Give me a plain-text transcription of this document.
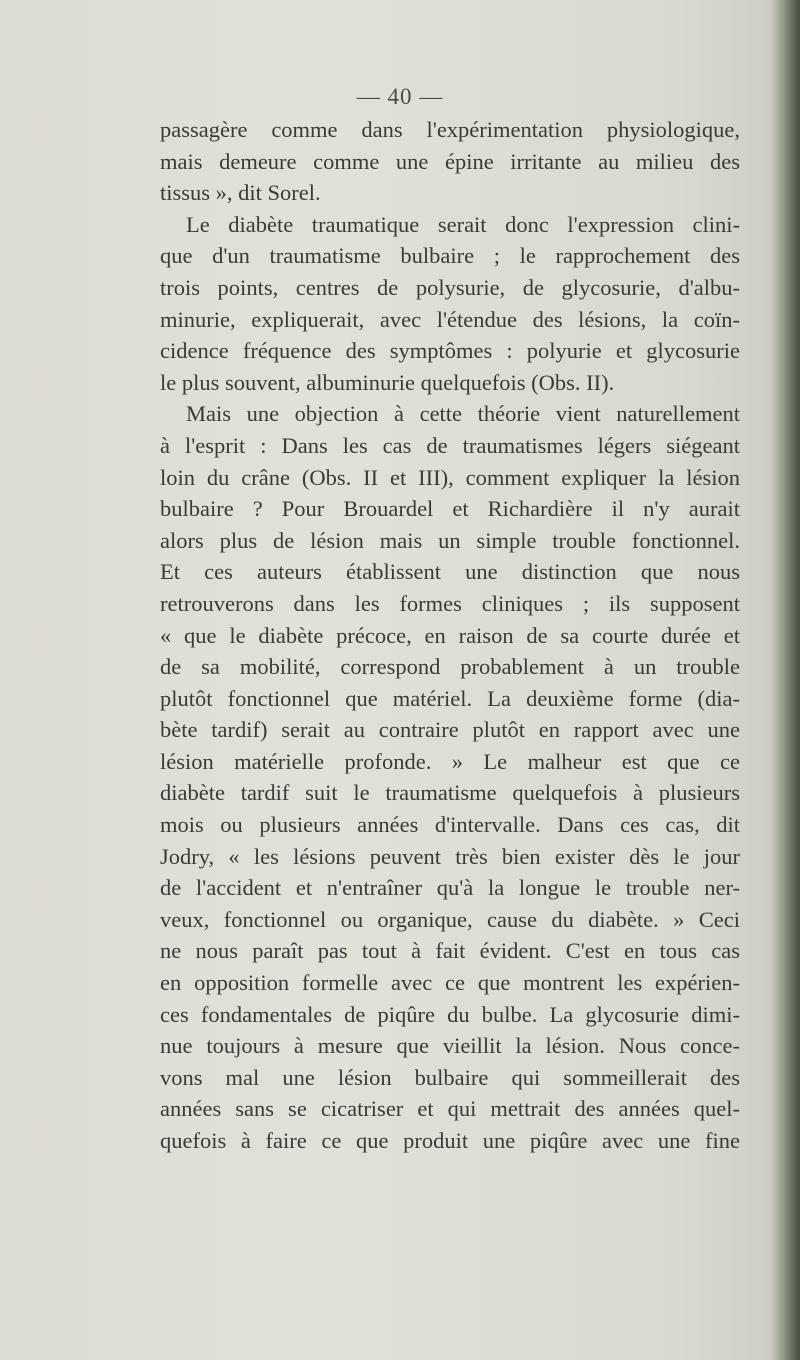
— 40 —
passagère comme dans l'expérimentation physiologique,
mais demeure comme une épine irritante au milieu des
tissus », dit Sorel.
Le diabète traumatique serait donc l'expression clini-
que d'un traumatisme bulbaire ; le rapprochement des
trois points, centres de polysurie, de glycosurie, d'albu-
minurie, expliquerait, avec l'étendue des lésions, la coïn-
cidence fréquence des symptômes : polyurie et glycosurie
le plus souvent, albuminurie quelquefois (Obs. II).
Mais une objection à cette théorie vient naturellement
à l'esprit : Dans les cas de traumatismes légers siégeant
loin du crâne (Obs. II et III), comment expliquer la lésion
bulbaire ? Pour Brouardel et Richardière il n'y aurait
alors plus de lésion mais un simple trouble fonctionnel.
Et ces auteurs établissent une distinction que nous
retrouverons dans les formes cliniques ; ils supposent
« que le diabète précoce, en raison de sa courte durée et
de sa mobilité, correspond probablement à un trouble
plutôt fonctionnel que matériel. La deuxième forme (dia-
bète tardif) serait au contraire plutôt en rapport avec une
lésion matérielle profonde. » Le malheur est que ce
diabète tardif suit le traumatisme quelquefois à plusieurs
mois ou plusieurs années d'intervalle. Dans ces cas, dit
Jodry, « les lésions peuvent très bien exister dès le jour
de l'accident et n'entraîner qu'à la longue le trouble ner-
veux, fonctionnel ou organique, cause du diabète. » Ceci
ne nous paraît pas tout à fait évident. C'est en tous cas
en opposition formelle avec ce que montrent les expérien-
ces fondamentales de piqûre du bulbe. La glycosurie dimi-
nue toujours à mesure que vieillit la lésion. Nous conce-
vons mal une lésion bulbaire qui sommeillerait des
années sans se cicatriser et qui mettrait des années quel-
quefois à faire ce que produit une piqûre avec une fine
